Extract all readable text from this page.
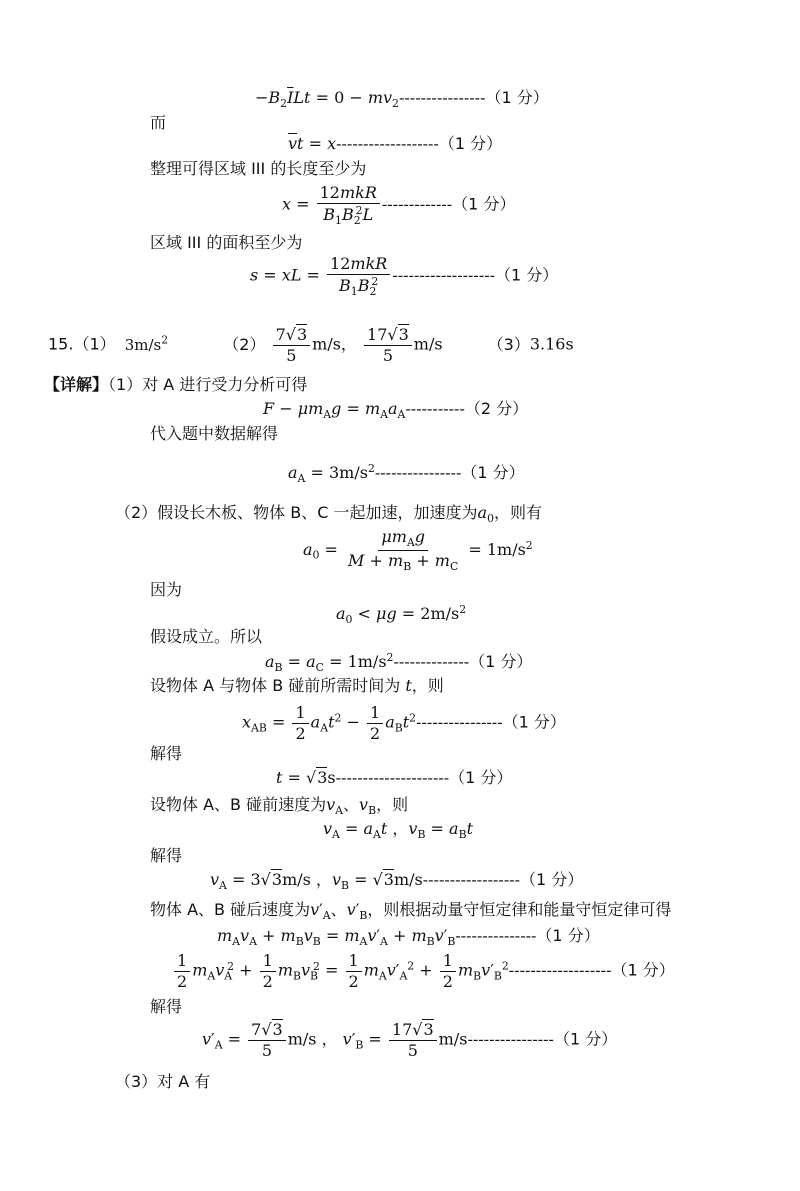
$-B_2\overline{I}Lt = 0 - mv_2----------------(1$ 分）
而
$\overline{v}t = x-------------------(1$ 分）
整理可得区域 III 的长度至少为
$x = \frac{\text{12mkR}}{B_1B_2^2L} -------------(1$ 分）
区域 III 的面积至少为
s = xL = $\frac{\text{12mkR}}{B_1B_2^2} -------------------(1$ 分）
15.（1） $3m/s^2$	$(2) \frac{7√3}{5} m/s$， $\frac{17√3}{5} m/s$	（3）3.16s
【详解】（1）对 A 进行受力分析可得
$F - \mu m_Ag = m_Aa_A-----------(2$ 分）
代入题中数据解得
$a_A = 3m/s^2----------------(1$ 分）
（2）假设长木板、物体 B、C 一起加速，加速度为$a_0$，则有
$a_0 = \frac{\mu m_Ag}{M + m_B + m_C} = 1m/s^2$
因为
$a_0 < \mu g = 2m/s^2$
假设成立。所以
$a_B = a_C = 1m/s^2--------------(1$ 分）
设物体 A 与物体 B 碰前所需时间为 t，则
$x_{AB} = \frac{1}{2} a_At^2 - \frac{1}{2} a_Bt^2----------------(1$ 分）
解得
t = √3s---------------------（1 分）
设物体 A、B 碰前速度为$v_A$、$v_B$，则
$v_A = a_At$ ，$v_B = a_Bt$
解得
$v_A = 3√3m/s$ ，$v_B = √3m/s------------------(1$ 分）
物体 A、B 碰后速度为$v'_A$、$v'_B$，则根据动量守恒定律和能量守恒定律可得
$m_Av_A + m_Bv_B = m_Av'_A + m_Bv'_B---------------(1$ 分）
$\frac{1}{2} m_Av_A^2 + \frac{1}{2} m_Bv_B^2 = \frac{1}{2} m_Av'_A^2 + \frac{1}{2} m_Bv'_B^2-------------------(1$ 分）
解得
$v'_A = \frac{7√3}{5} m/s$ ， $v'_B = \frac{17√3}{5} m/s----------------(1$ 分）
（3）对 A 有
